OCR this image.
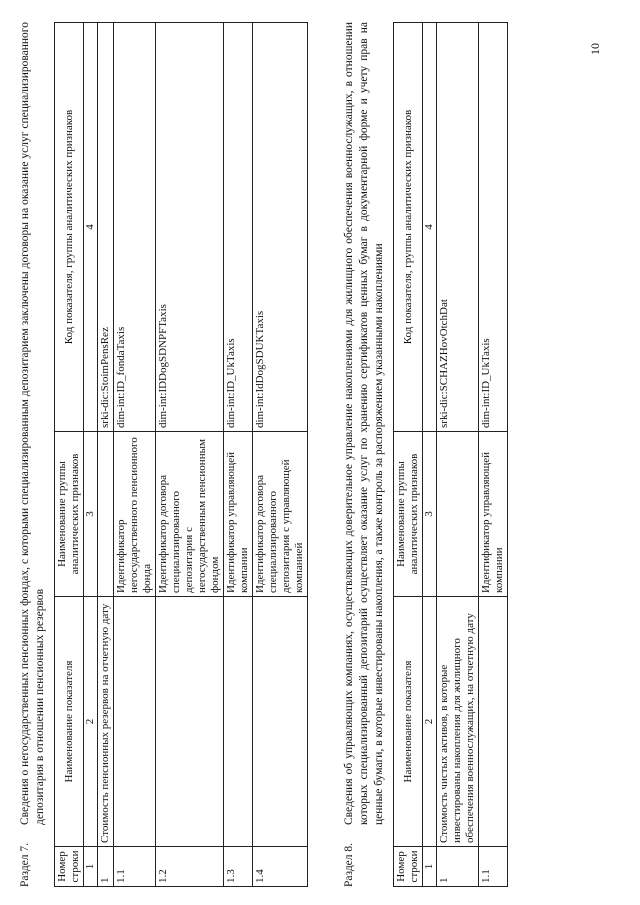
Раздел 7.Сведения о негосударственных пенсионных фондах, с которыми специализированным депозитарием заключены договоры на оказание услуг специализированного депозитария в отношении пенсионных резервов
Номер строки	Наименование показателя	Наименование группы аналитических признаков	Код показателя, группы аналитических признаков
1	2	3	4
1	Стоимость пенсионных резервов на отчетную дату		srki-dic:StoimPensRez
1.1		Идентификатор негосударственного пенсионного фонда	dim-int:ID_fondaTaxis
1.2		Идентификатор договора специализированного депозитария с негосударственным пенсионным фондом	dim-int:IDDogSDNPFTaxis
1.3		Идентификатор управляющей компании	dim-int:ID_UkTaxis
1.4		Идентификатор договора специализированного депозитария с управляющей компанией	dim-int:IdDogSDUKTaxis
Раздел 8.Сведения об управляющих компаниях, осуществляющих доверительное управление накоплениями для жилищного обеспечения военнослужащих, в отношении которых специализированный депозитарий осуществляет оказание услуг по хранению сертификатов ценных бумаг в документарной форме и учету прав на ценные бумаги, в которые инвестированы накопления, а также контроль за распоряжением указанными накоплениями
Номер строки	Наименование показателя	Наименование группы аналитических признаков	Код показателя, группы аналитических признаков
1	2	3	4
1	Стоимость чистых активов, в которые инвестированы накопления для жилищного обеспечения военнослужащих, на отчетную дату		srki-dic:SCHAZHovOtchDat
1.1		Идентификатор управляющей компании	dim-int:ID_UkTaxis
10
